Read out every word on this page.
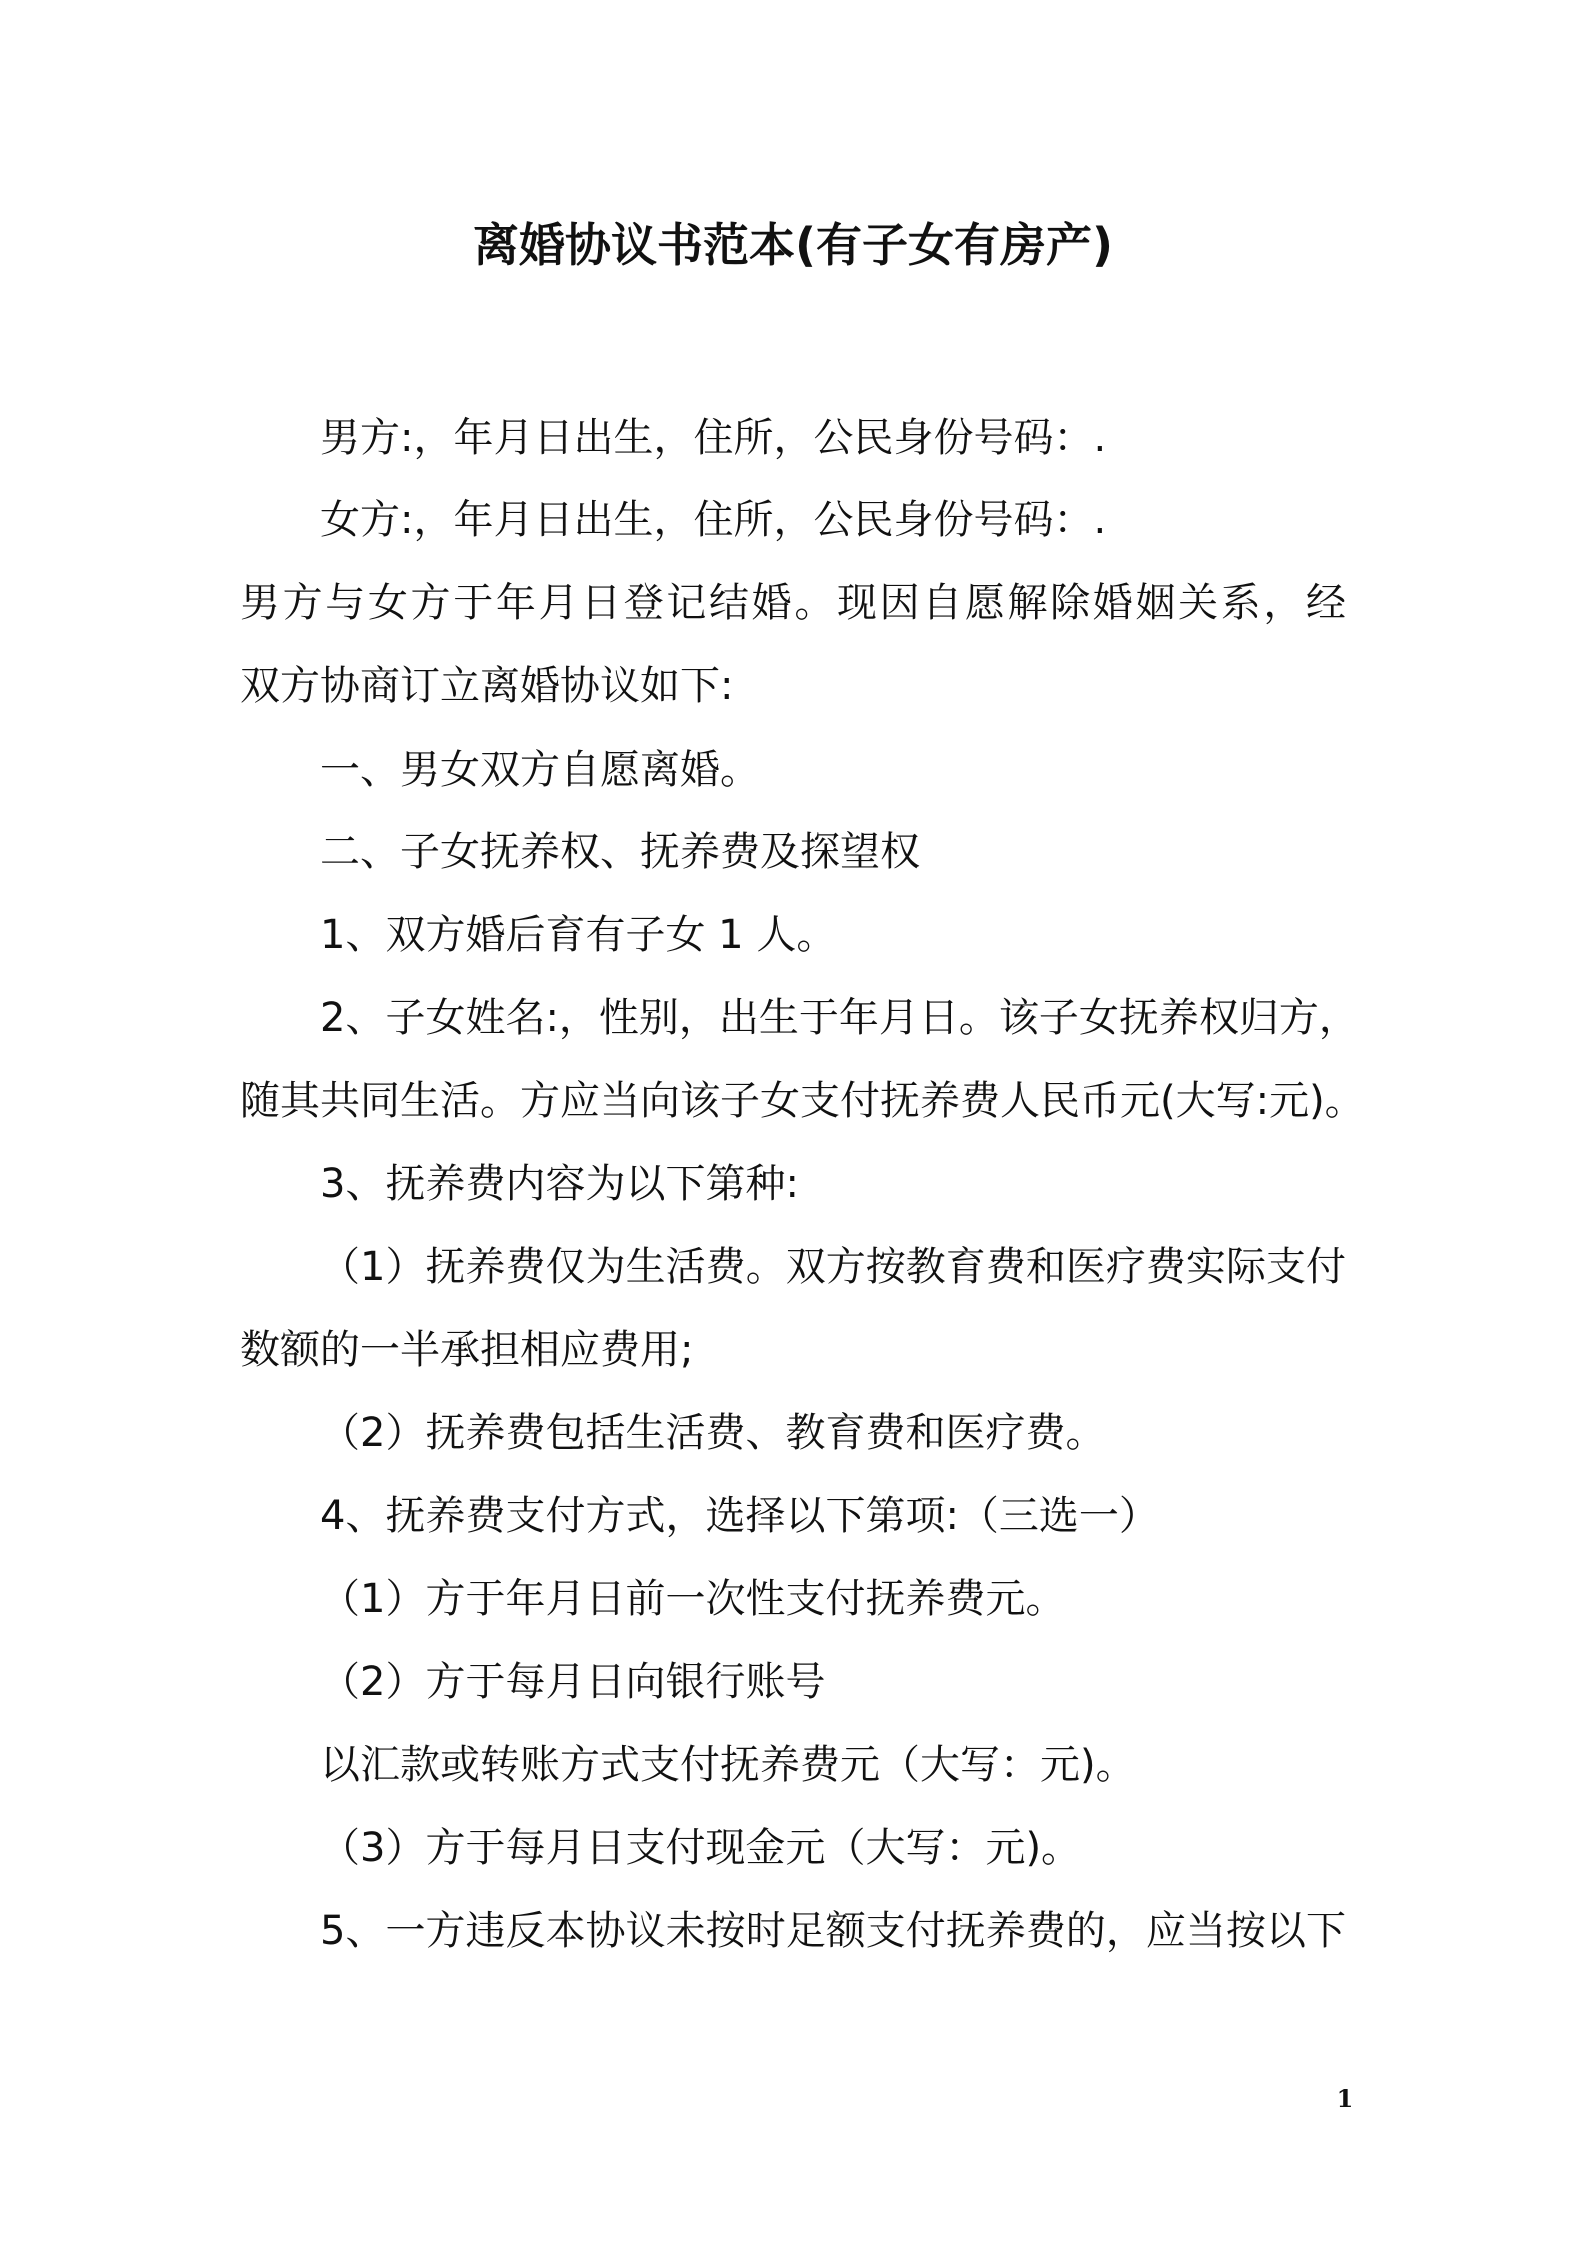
离婚协议书范本(有子女有房产)
男方:，年月日出生，住所，公民身份号码：.
女方:，年月日出生，住所，公民身份号码：.
男方与女方于年月日登记结婚。现因自愿解除婚姻关系，经
双方协商订立离婚协议如下:
一、男女双方自愿离婚。
二、子女抚养权、抚养费及探望权
1、双方婚后育有子女 1 人。
2、子女姓名:，性别，出生于年月日。该子女抚养权归方，
随其共同生活。方应当向该子女支付抚养费人民币元(大写:元)。
3、抚养费内容为以下第种:
（1）抚养费仅为生活费。双方按教育费和医疗费实际支付
数额的一半承担相应费用;
（2）抚养费包括生活费、教育费和医疗费。
4、抚养费支付方式，选择以下第项:（三选一）
（1）方于年月日前一次性支付抚养费元。
（2）方于每月日向银行账号
以汇款或转账方式支付抚养费元（大写：元)。
（3）方于每月日支付现金元（大写：元)。
5、一方违反本协议未按时足额支付抚养费的，应当按以下
1
